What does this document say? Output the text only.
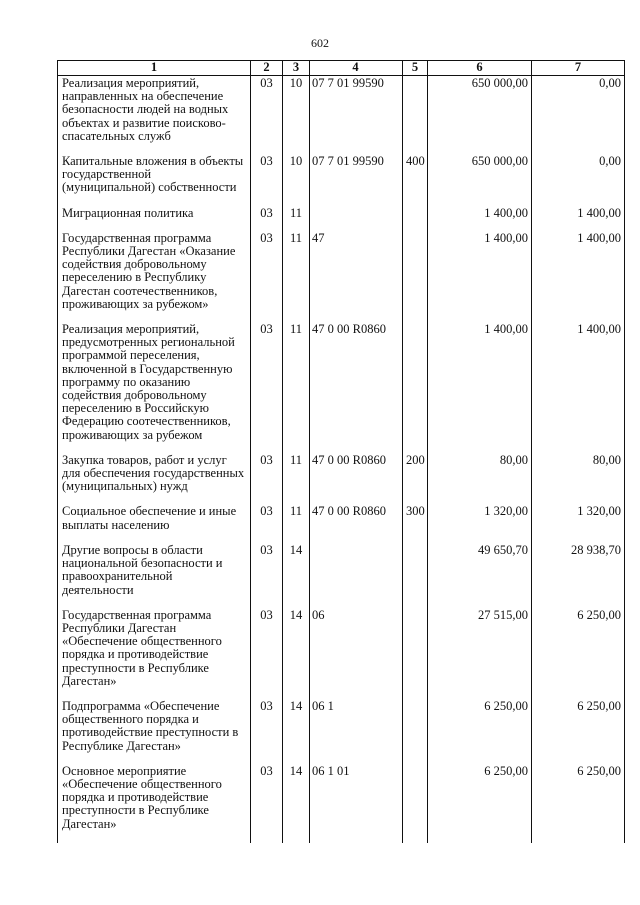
602
1	2	3	4	5	6	7

Реализация мероприятий, направленных на обеспечение безопасности людей на водных объектах и развитие поисково-спасательных служб	03	10	07 7 01 99590		650 000,00	0,00

Капитальные вложения в объекты государственной (муниципальной) собственности	03	10	07 7 01 99590	400	650 000,00	0,00

Миграционная политика	03	11			1 400,00	1 400,00

Государственная программа Республики Дагестан «Оказание содействия добровольному переселению в Республику Дагестан соотечественников, проживающих за рубежом»	03	11	47		1 400,00	1 400,00

Реализация мероприятий, предусмотренных региональной программой переселения, включенной в Государственную программу по оказанию содействия добровольному переселению в Российскую Федерацию соотечественников, проживающих за рубежом	03	11	47 0 00 R0860		1 400,00	1 400,00

Закупка товаров, работ и услуг для обеспечения государственных (муниципальных) нужд	03	11	47 0 00 R0860	200	80,00	80,00

Социальное обеспечение и иные выплаты населению	03	11	47 0 00 R0860	300	1 320,00	1 320,00

Другие вопросы в области национальной безопасности и правоохранительной деятельности	03	14			49 650,70	28 938,70

Государственная программа Республики Дагестан «Обеспечение общественного порядка и противодействие преступности в Республике Дагестан»	03	14	06		27 515,00	6 250,00

Подпрограмма «Обеспечение общественного порядка и противодействие преступности в Республике Дагестан»	03	14	06 1		6 250,00	6 250,00

Основное мероприятие «Обеспечение общественного порядка и противодействие преступности в Республике Дагестан»	03	14	06 1 01		6 250,00	6 250,00
